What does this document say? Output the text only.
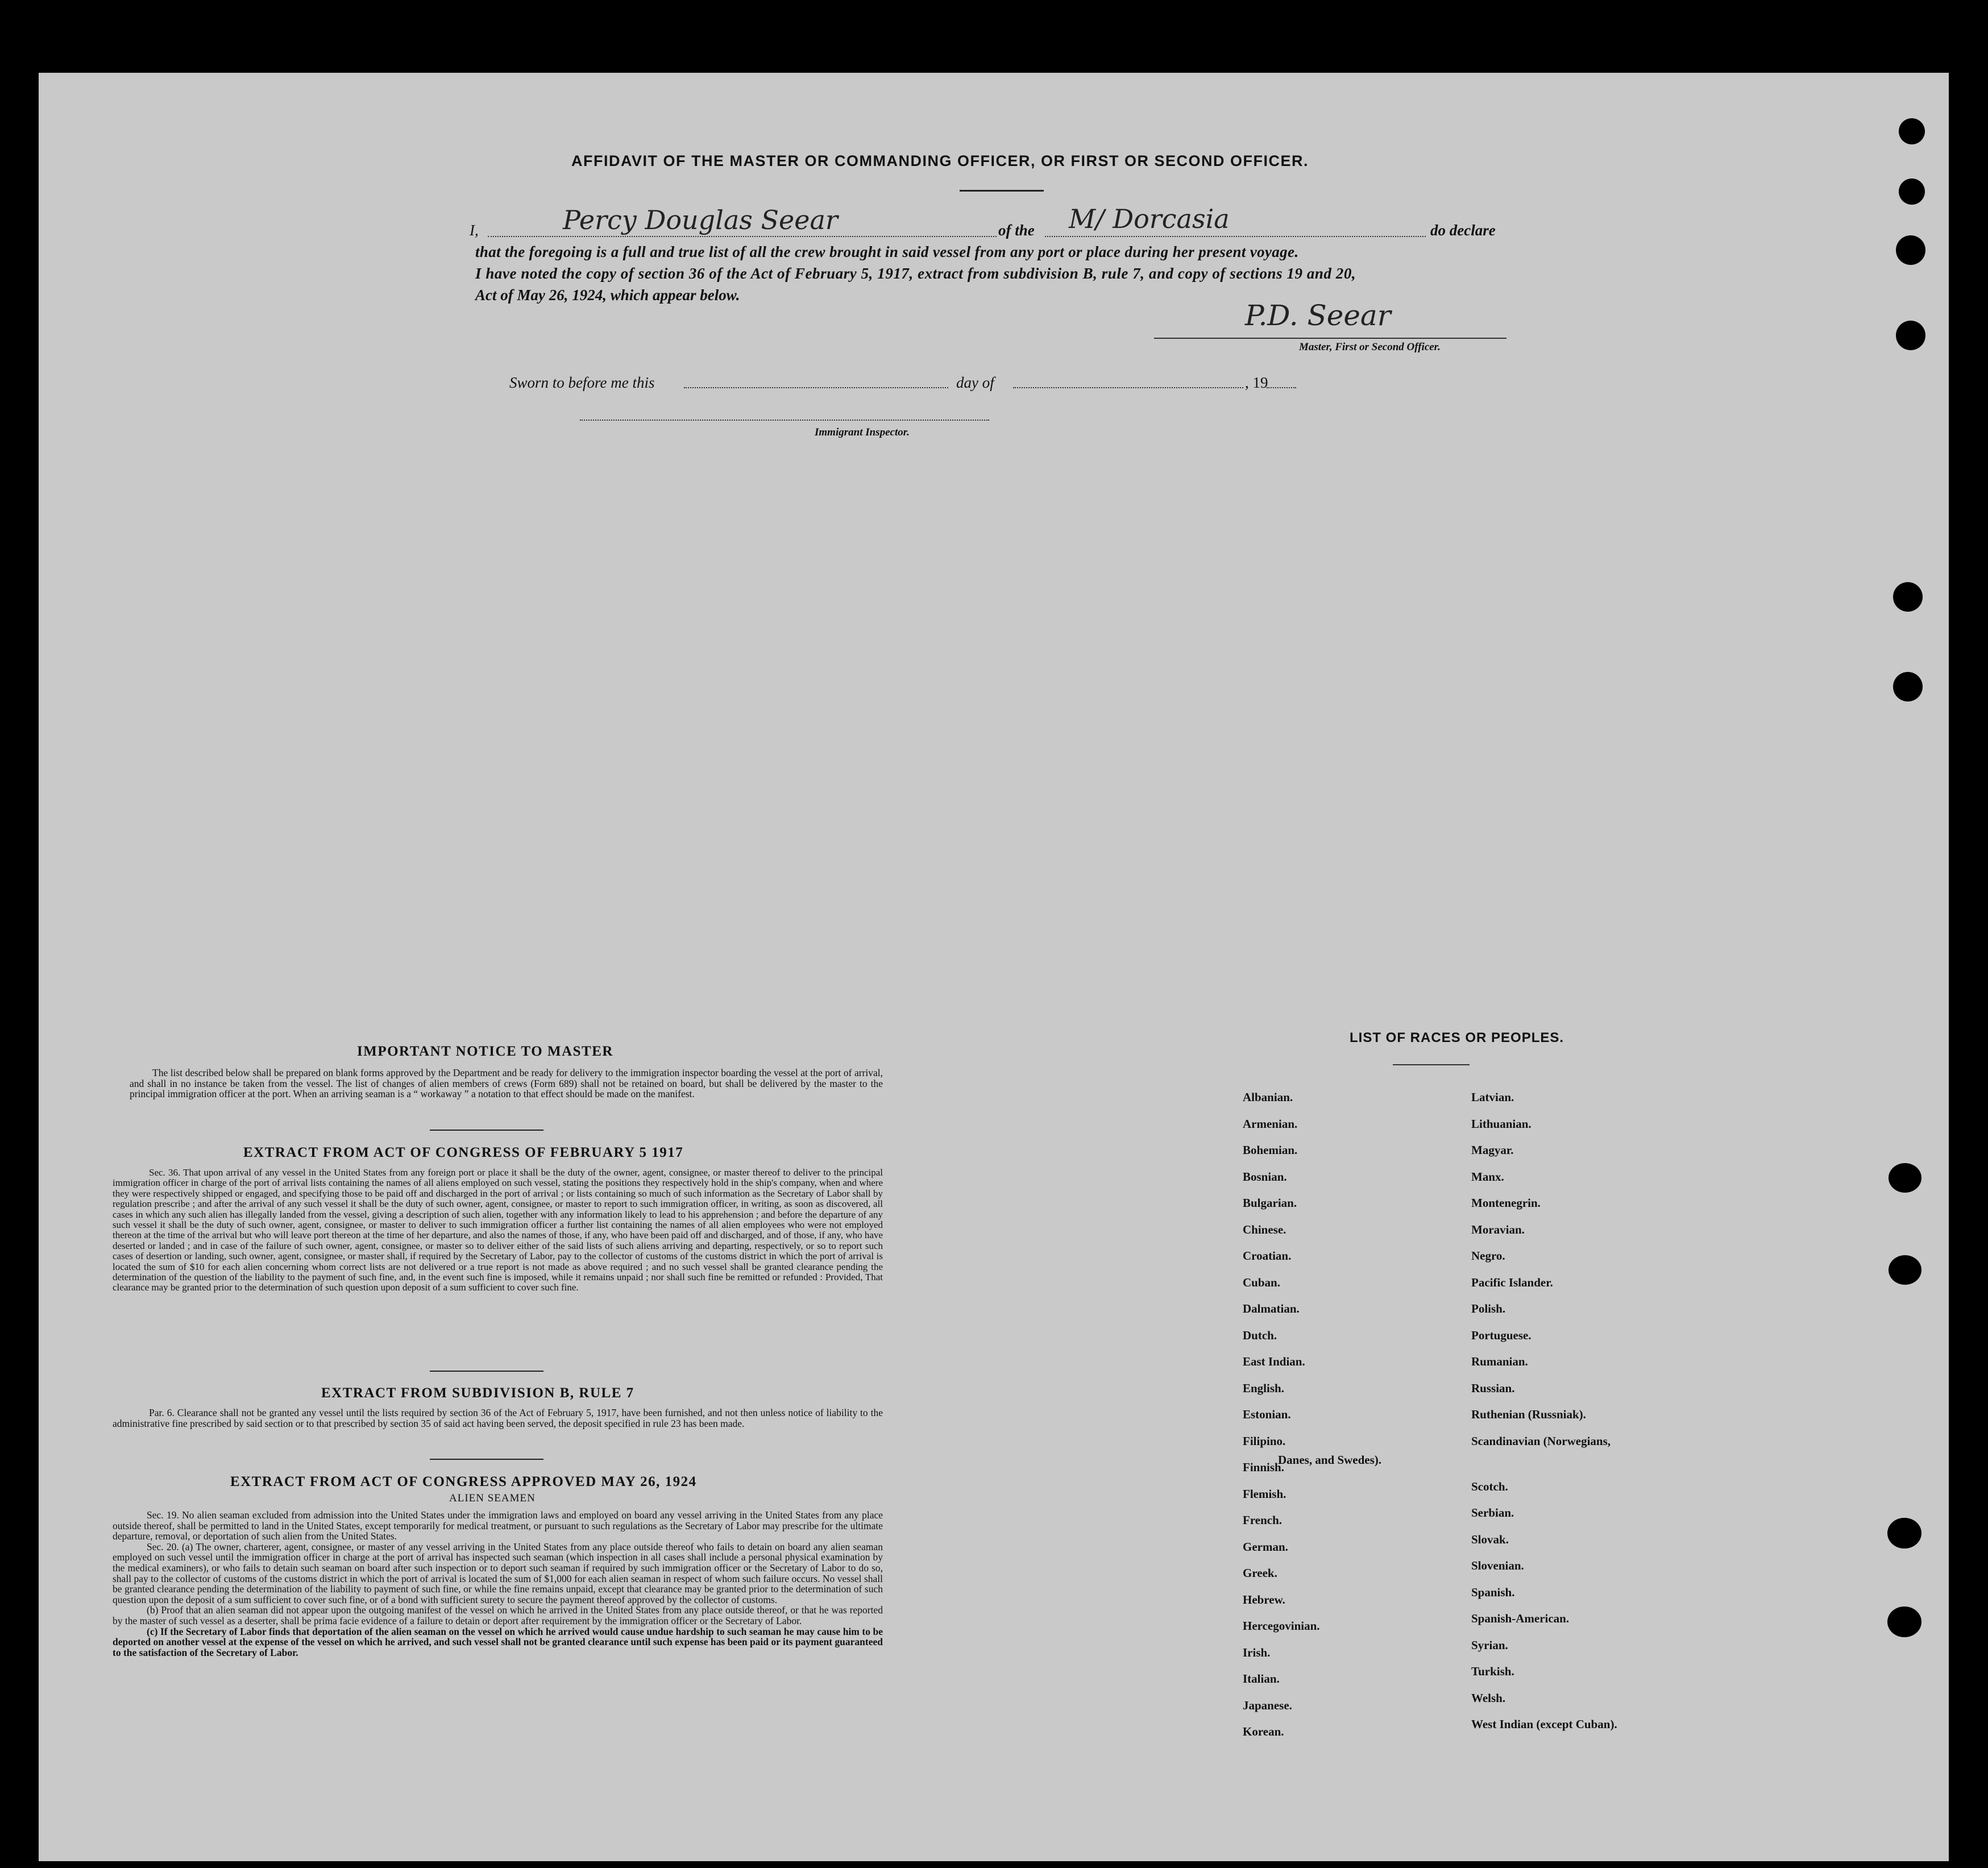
AFFIDAVIT OF THE MASTER OR COMMANDING OFFICER, OR FIRST OR SECOND OFFICER.
I,	Percy Douglas Seear	of the M/ Dorcasia	do declare
that the foregoing is a full and true list of all the crew brought in said vessel from any port or place during her present voyage.
I have noted the copy of section 36 of the Act of February 5, 1917, extract from subdivision B, rule 7, and copy of sections 19 and 20,
Act of May 26, 1924, which appear below.
P.D. Seear
Master, First or Second Officer.
Sworn to before me this	day of	, 19
Immigrant Inspector.
IMPORTANT NOTICE TO MASTER

The list described below shall be prepared on blank forms approved by the Department and be ready for delivery to the immigration inspector boarding the vessel at the port of arrival, and shall in no instance be taken from the vessel. The list of changes of alien members of crews (Form 689) shall not be retained on board, but shall be delivered by the master to the principal immigration officer at the port. When an arriving seaman is a “ workaway ” a notation to that effect should be made on the manifest.

EXTRACT FROM ACT OF CONGRESS OF FEBRUARY 5 1917

Sec. 36. That upon arrival of any vessel in the United States from any foreign port or place it shall be the duty of the owner, agent, consignee, or master thereof to deliver to the principal immigration officer in charge of the port of arrival lists containing the names of all aliens employed on such vessel, stating the positions they respectively hold in the ship's company, when and where they were respectively shipped or engaged, and specifying those to be paid off and discharged in the port of arrival ; or lists containing so much of such information as the Secretary of Labor shall by regulation prescribe ; and after the arrival of any such vessel it shall be the duty of such owner, agent, consignee, or master to report to such immigration officer, in writing, as soon as discovered, all cases in which any such alien has illegally landed from the vessel, giving a description of such alien, together with any information likely to lead to his apprehension ; and before the departure of any such vessel it shall be the duty of such owner, agent, consignee, or master to deliver to such immigration officer a further list containing the names of all alien employees who were not employed thereon at the time of the arrival but who will leave port thereon at the time of her departure, and also the names of those, if any, who have been paid off and discharged, and of those, if any, who have deserted or landed ; and in case of the failure of such owner, agent, consignee, or master so to deliver either of the said lists of such aliens arriving and departing, respectively, or so to report such cases of desertion or landing, such owner, agent, consignee, or master shall, if required by the Secretary of Labor, pay to the collector of customs of the customs district in which the port of arrival is located the sum of $10 for each alien concerning whom correct lists are not delivered or a true report is not made as above required ; and no such vessel shall be granted clearance pending the determination of the question of the liability to the payment of such fine, and, in the event such fine is imposed, while it remains unpaid ; nor shall such fine be remitted or refunded : Provided, That clearance may be granted prior to the determination of such question upon deposit of a sum sufficient to cover such fine.

EXTRACT FROM SUBDIVISION B, RULE 7

Par. 6. Clearance shall not be granted any vessel until the lists required by section 36 of the Act of February 5, 1917, have been furnished, and not then unless notice of liability to the administrative fine prescribed by said section or to that prescribed by section 35 of said act having been served, the deposit specified in rule 23 has been made.

EXTRACT FROM ACT OF CONGRESS APPROVED MAY 26, 1924
ALIEN SEAMEN

Sec. 19. No alien seaman excluded from admission into the United States under the immigration laws and employed on board any vessel arriving in the United States from any place outside thereof, shall be permitted to land in the United States, except temporarily for medical treatment, or pursuant to such regulations as the Secretary of Labor may prescribe for the ultimate departure, removal, or deportation of such alien from the United States.

Sec. 20. (a) The owner, charterer, agent, consignee, or master of any vessel arriving in the United States from any place outside thereof who fails to detain on board any alien seaman employed on such vessel until the immigration officer in charge at the port of arrival has inspected such seaman (which inspection in all cases shall include a personal physical examination by the medical examiners), or who fails to detain such seaman on board after such inspection or to deport such seaman if required by such immigration officer or the Secretary of Labor to do so, shall pay to the collector of customs of the customs district in which the port of arrival is located the sum of $1,000 for each alien seaman in respect of whom such failure occurs. No vessel shall be granted clearance pending the determination of the liability to payment of such fine, or while the fine remains unpaid, except that clearance may be granted prior to the determination of such question upon the deposit of a sum sufficient to cover such fine, or of a bond with sufficient surety to secure the payment thereof approved by the collector of customs.

(b) Proof that an alien seaman did not appear upon the outgoing manifest of the vessel on which he arrived in the United States from any place outside thereof, or that he was reported by the master of such vessel as a deserter, shall be prima facie evidence of a failure to detain or deport after requirement by the immigration officer or the Secretary of Labor.

(c) If the Secretary of Labor finds that deportation of the alien seaman on the vessel on which he arrived would cause undue hardship to such seaman he may cause him to be deported on another vessel at the expense of the vessel on which he arrived, and such vessel shall not be granted clearance until such expense has been paid or its payment guaranteed to the satisfaction of the Secretary of Labor.

LIST OF RACES OR PEOPLES.
Albanian.
Armenian.
Bohemian.
Bosnian.
Bulgarian.
Chinese.
Croatian.
Cuban.
Dalmatian.
Dutch.
East Indian.
English.
Estonian.
Filipino.
Finnish.
Flemish.
French.
German.
Greek.
Hebrew.
Hercegovinian.
Irish.
Italian.
Japanese.
Korean.
Latvian.
Lithuanian.
Magyar.
Manx.
Montenegrin.
Moravian.
Negro.
Pacific Islander.
Polish.
Portuguese.
Rumanian.
Russian.
Ruthenian (Russniak).
Scandinavian (Norwegians,
Danes, and Swedes).
Scotch.
Serbian.
Slovak.
Slovenian.
Spanish.
Spanish-American.
Syrian.
Turkish.
Welsh.
West Indian (except Cuban).
